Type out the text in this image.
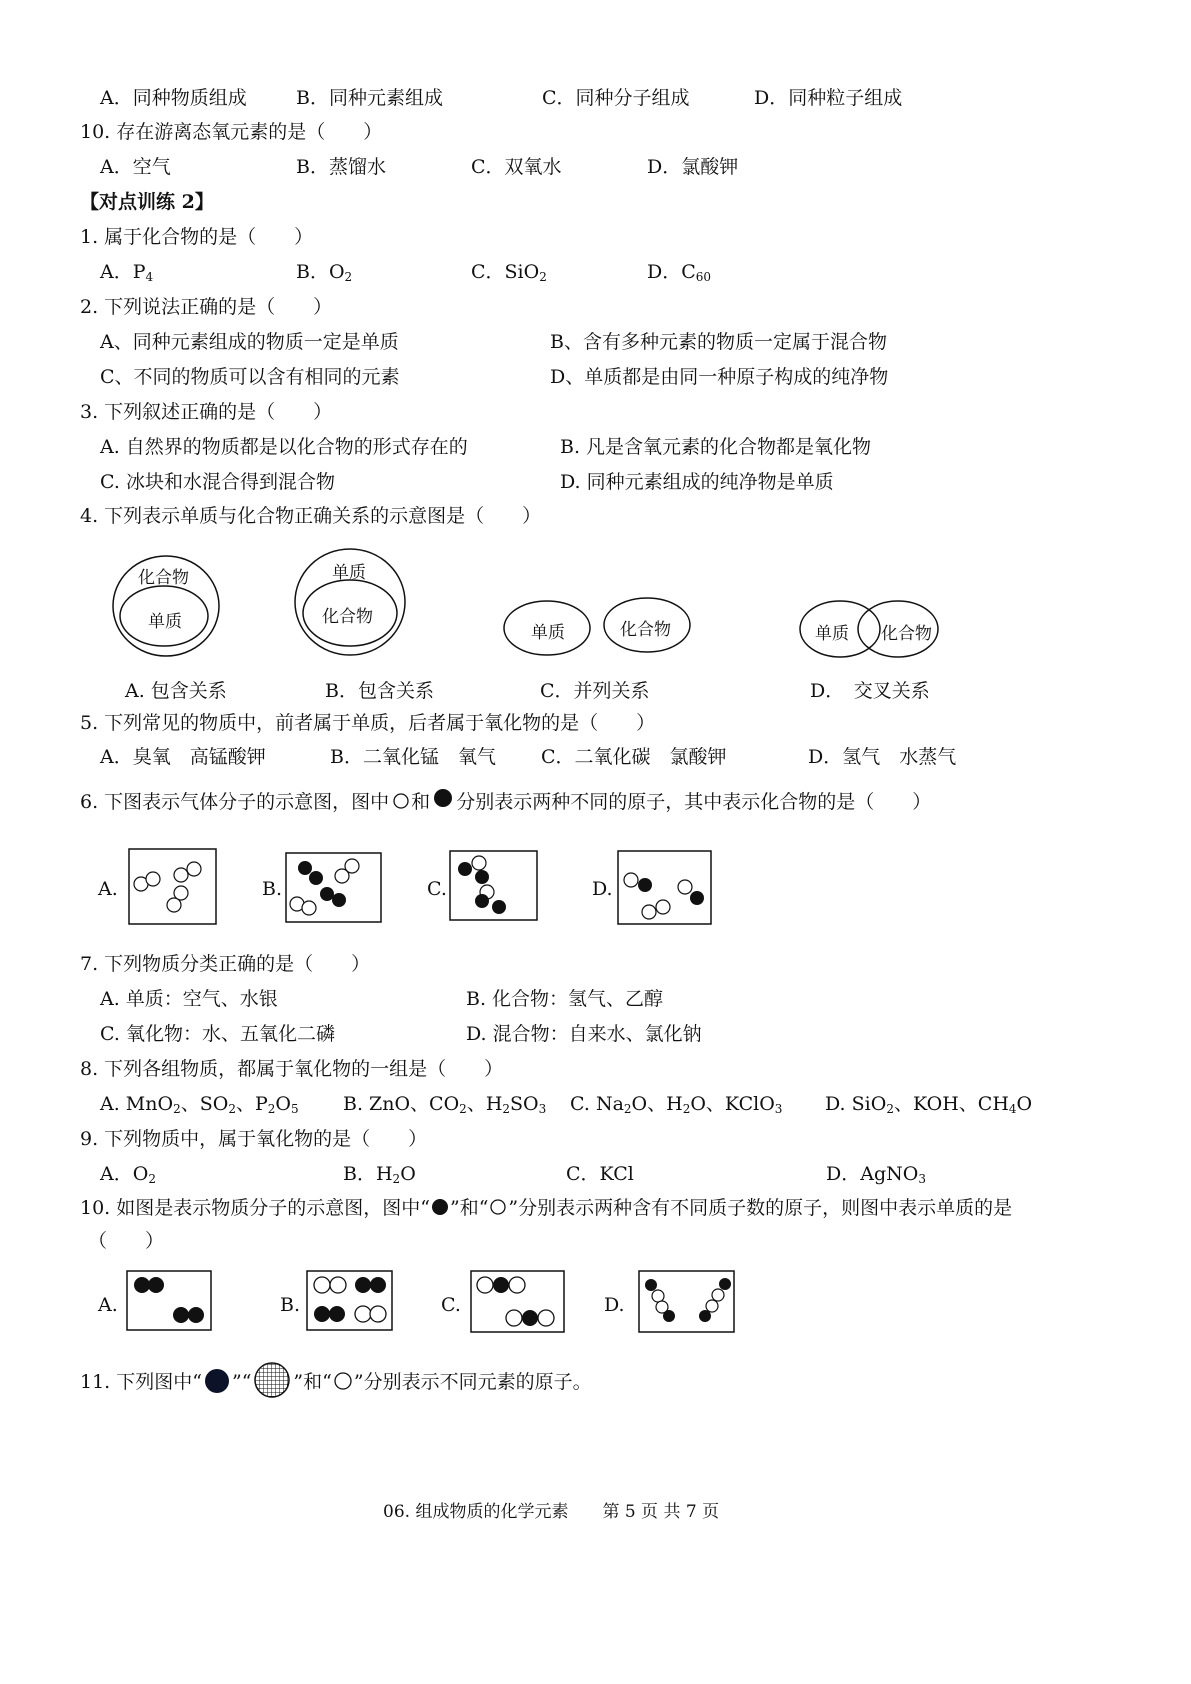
A．同种物质组成	B．同种元素组成	C．同种分子组成	D．同种粒子组成
10. 存在游离态氧元素的是（　　）
A．空气	B．蒸馏水	C．双氧水	D．氯酸钾
【对点训练 2】
1. 属于化合物的是（　　）
A．$P_4$	B．$O_2$	C．SiO$_2$	D．$C_{60}$
2. 下列说法正确的是（　　）
A、同种元素组成的物质一定是单质	B、含有多种元素的物质一定属于混合物
C、不同的物质可以含有相同的元素	D、单质都是由同一种原子构成的纯净物
3. 下列叙述正确的是（　　）
A. 自然界的物质都是以化合物的形式存在的	B. 凡是含氧元素的化合物都是氧化物
C. 冰块和水混合得到混合物	D. 同种元素组成的纯净物是单质
4. 下列表示单质与化合物正确关系的示意图是（　　）
化合物
单质
单质
化合物
单质	化合物	单质 化合物
A. 包含关系	B．包含关系	C．并列关系	D．　交叉关系
5. 下列常见的物质中，前者属于单质，后者属于氧化物的是（　　）
A．臭氧　高锰酸钾	B．二氧化锰　氧气 C．二氧化碳　氯酸钾	D．氢气　水蒸气
6. 下图表示气体分子的示意图，图中 和 分别表示两种不同的原子，其中表示化合物的是（　　）
A.	B.	C.	D.
7. 下列物质分类正确的是（　　）
A. 单质：空气、水银	B. 化合物：氢气、乙醇
C. 氧化物：水、五氧化二磷	D. 混合物：自来水、氯化钠
8. 下列各组物质，都属于氧化物的一组是（　　）
A. MnO$_2$、$SO_2$、$P_2O_5$ B. ZnO、$CO_2$、$H_2SO_3$ C. $Na_2O$、$H_2O$、KClO$_3$ D. SiO$_2$、KOH、$CH_4O$
9. 下列物质中，属于氧化物的是（　　）
A．$O_2$	B．$H_2O$	C．KCl	D．AgNO$_3$
10. 如图是表示物质分子的示意图，图中“ ”和“ ”分别表示两种含有不同质子数的原子，则图中表示单质的是
（　　）
A.	B.	C.	D.
11. 下列图中“ ”“ ”和“ ”分别表示不同元素的原子。
06. 组成物质的化学元素　　第 5 页 共 7 页
